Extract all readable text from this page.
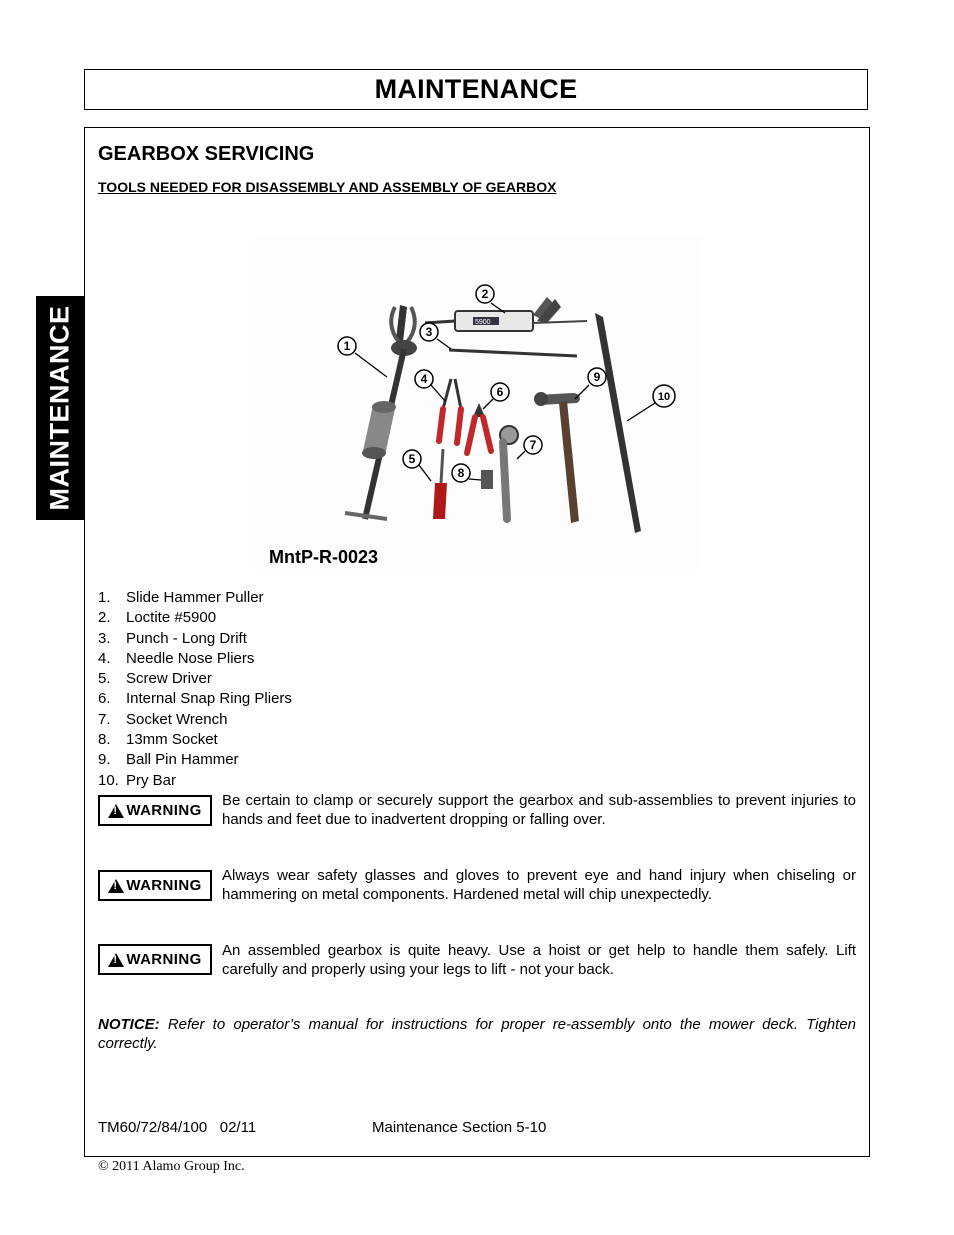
MAINTENANCE
MAINTENANCE
GEARBOX SERVICING
TOOLS NEEDED FOR DISASSEMBLY AND ASSEMBLY OF GEARBOX
5900
1
2
3
4
6
9
10
7
5
8
MntP-R-0023
1.	Slide Hammer Puller
2.	Loctite #5900
3.	Punch - Long Drift
4.	Needle Nose Pliers
5.	Screw Driver
6.	Internal Snap Ring Pliers
7.	Socket Wrench
8.	13mm Socket
9.	Ball Pin Hammer
10. Pry Bar
!
WARNING
Be certain to clamp or securely support the gearbox and sub-assemblies to prevent injuries to hands and feet due to inadvertent dropping or falling over.
!
WARNING
Always wear safety glasses and gloves to prevent eye and hand injury when chiseling or hammering on metal components. Hardened metal will chip unexpectedly.
!
WARNING
An assembled gearbox is quite heavy. Use a hoist or get help to handle them safely. Lift carefully and properly using your legs to lift - not your back.
NOTICE: Refer to operator’s manual for instructions for proper re-assembly onto the mower deck. Tighten correctly.
TM60/72/84/100   02/11	Maintenance Section 5-10
© 2011 Alamo Group Inc.
